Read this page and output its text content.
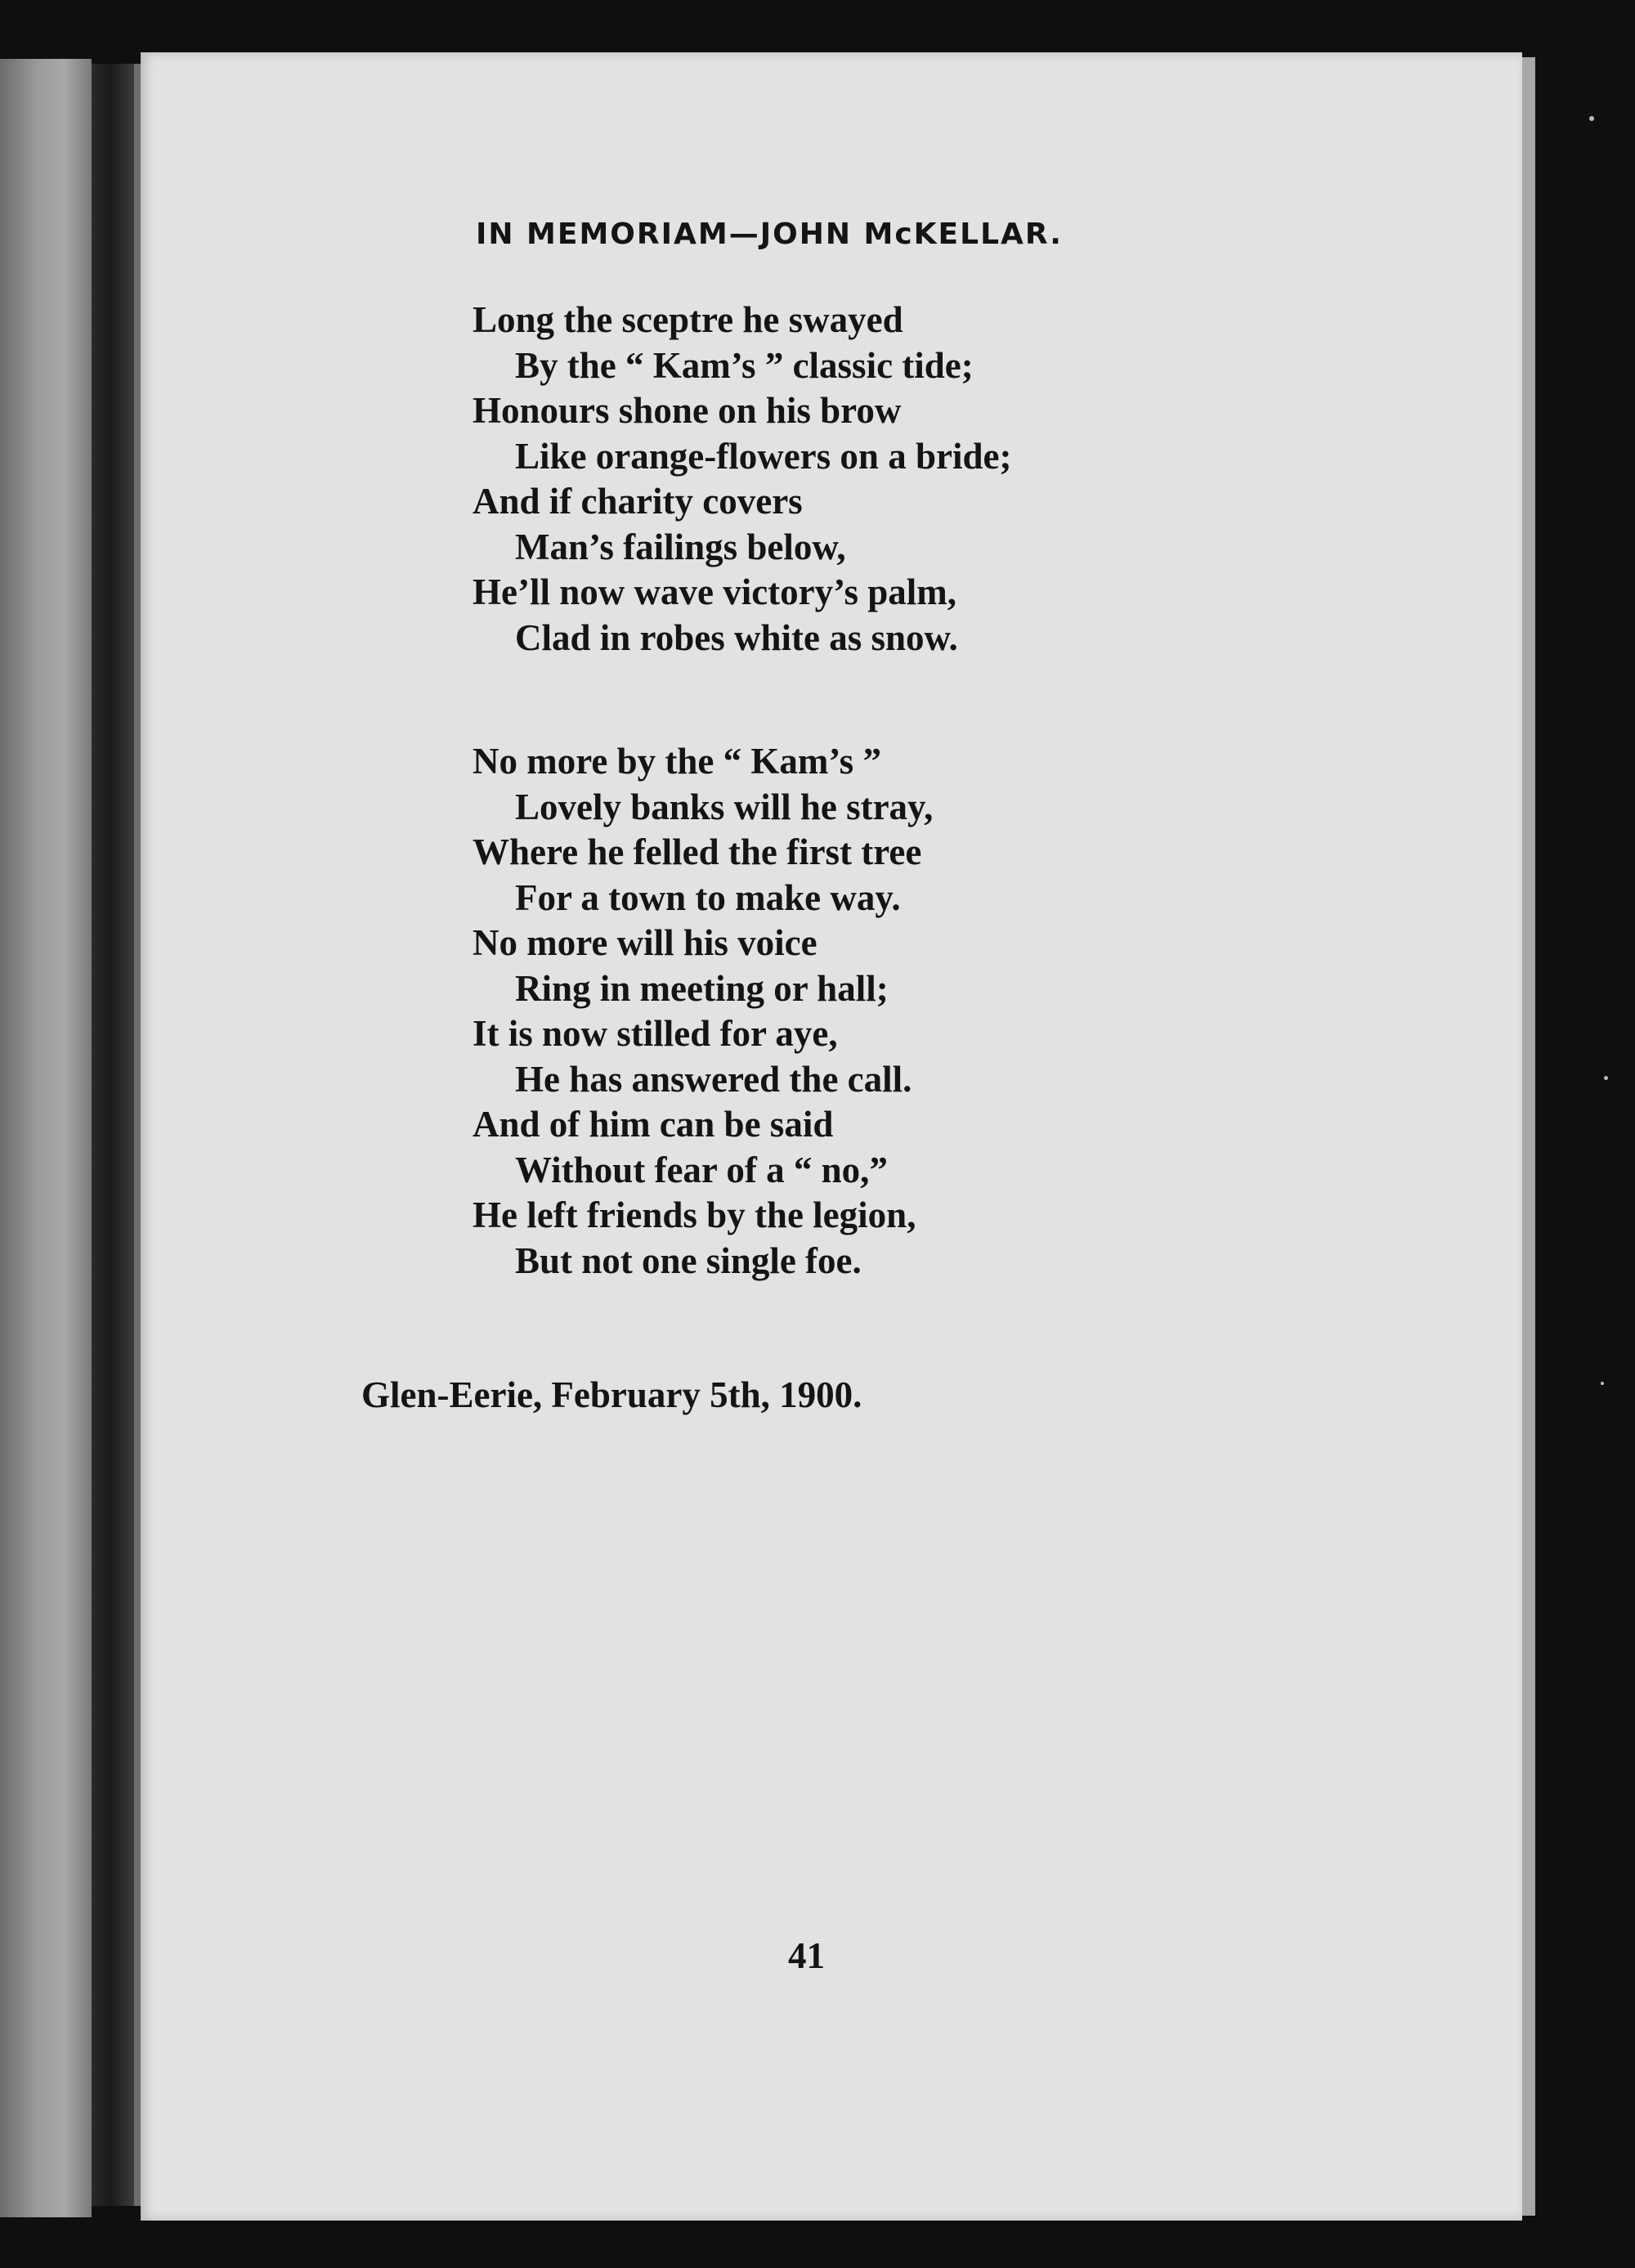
IN MEMORIAM—JOHN McKELLAR.
Long the sceptre he swayed
By the “ Kam’s ” classic tide;
Honours shone on his brow
Like orange-flowers on a bride;
And if charity covers
Man’s failings below,
He’ll now wave victory’s palm,
Clad in robes white as snow.
No more by the “ Kam’s ”
Lovely banks will he stray,
Where he felled the first tree
For a town to make way.
No more will his voice
Ring in meeting or hall;
It is now stilled for aye,
He has answered the call.
And of him can be said
Without fear of a “ no,”
He left friends by the legion,
But not one single foe.
Glen-Eerie, February 5th, 1900.
41
